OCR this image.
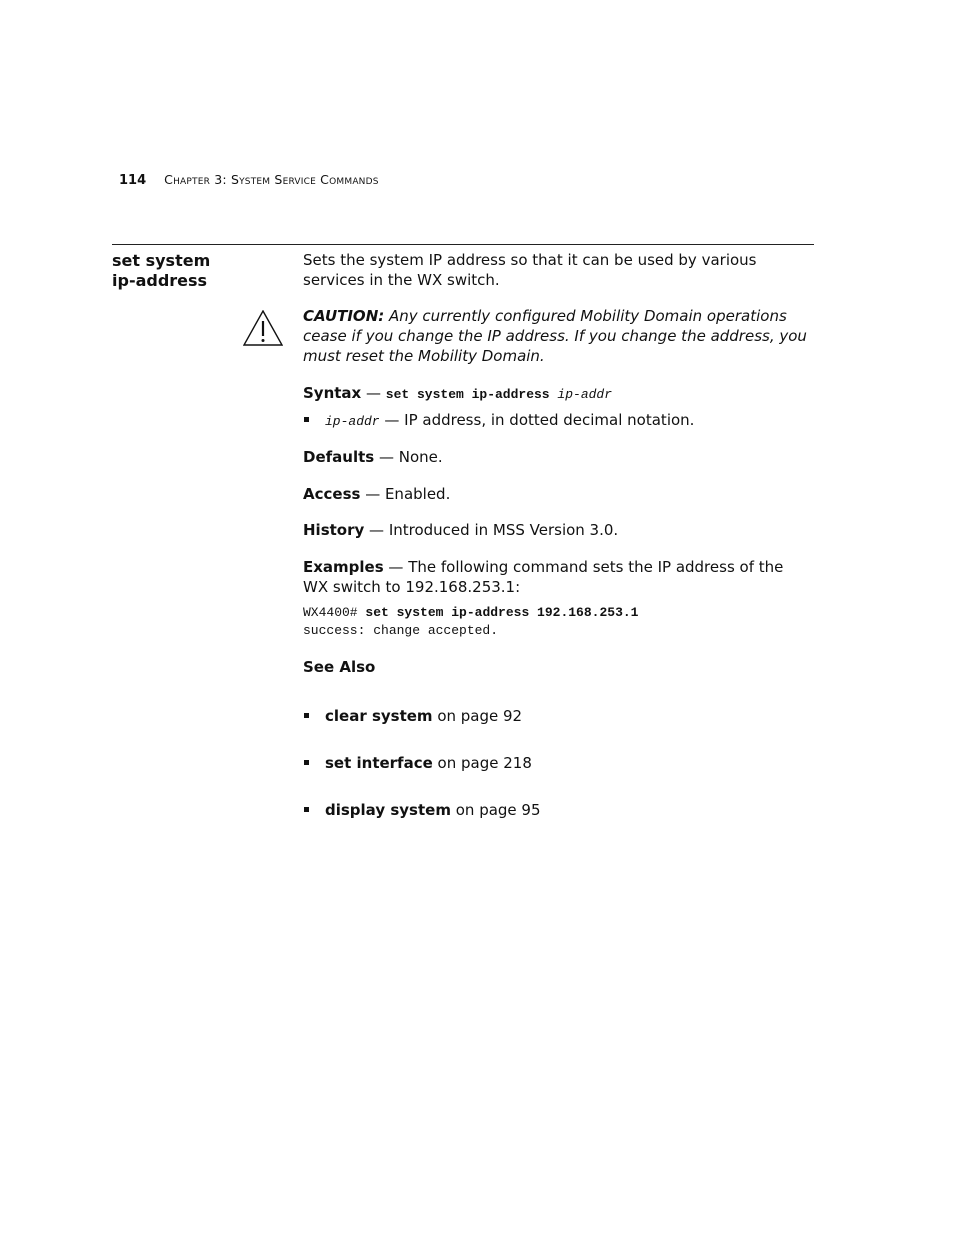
114 Chapter 3: System Service Commands
set system
ip-address
Sets the system IP address so that it can be used by various services in the WX switch.
CAUTION: Any currently configured Mobility Domain operations cease if you change the IP address. If you change the address, you must reset the Mobility Domain.
Syntax — set system ip-address ip-addr
ip-addr — IP address, in dotted decimal notation.
Defaults — None.
Access — Enabled.
History — Introduced in MSS Version 3.0.
Examples — The following command sets the IP address of the WX switch to 192.168.253.1:
WX4400# set system ip-address 192.168.253.1
success: change accepted.
See Also
clear system on page 92
set interface on page 218
display system on page 95
